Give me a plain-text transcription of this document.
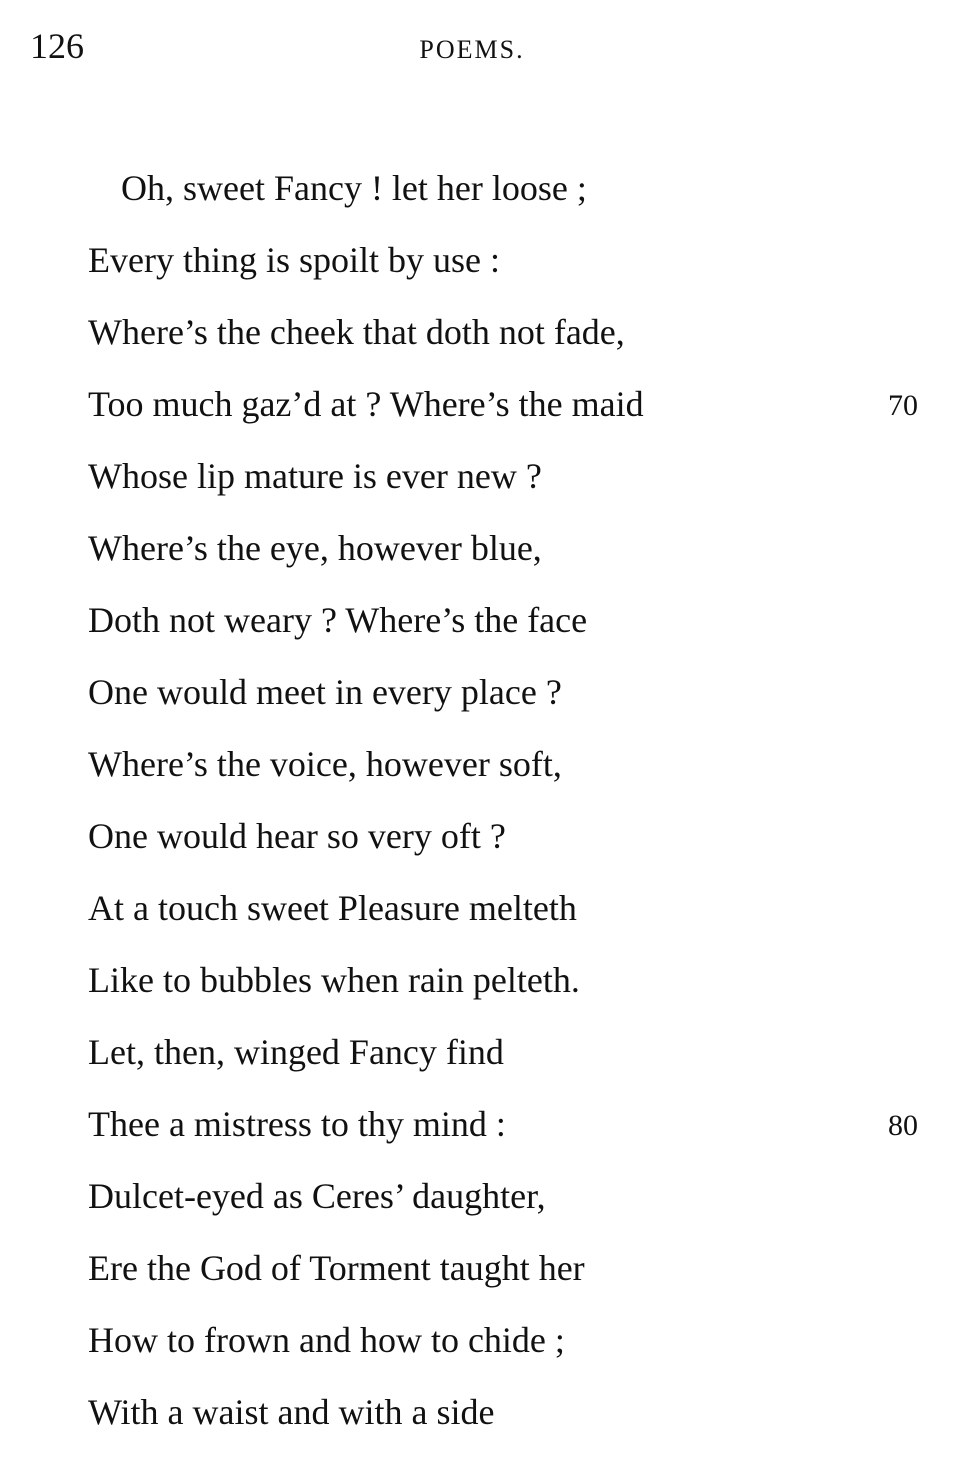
126	POEMS.
Oh, sweet Fancy ! let her loose ;
Every thing is spoilt by use :
Where’s the cheek that doth not fade,
Too much gaz’d at ? Where’s the maid	70
Whose lip mature is ever new ?
Where’s the eye, however blue,
Doth not weary ? Where’s the face
One would meet in every place ?
Where’s the voice, however soft,
One would hear so very oft ?
At a touch sweet Pleasure melteth
Like to bubbles when rain pelteth.
Let, then, winged Fancy find
Thee a mistress to thy mind :	80
Dulcet-eyed as Ceres’ daughter,
Ere the God of Torment taught her
How to frown and how to chide ;
With a waist and with a side
